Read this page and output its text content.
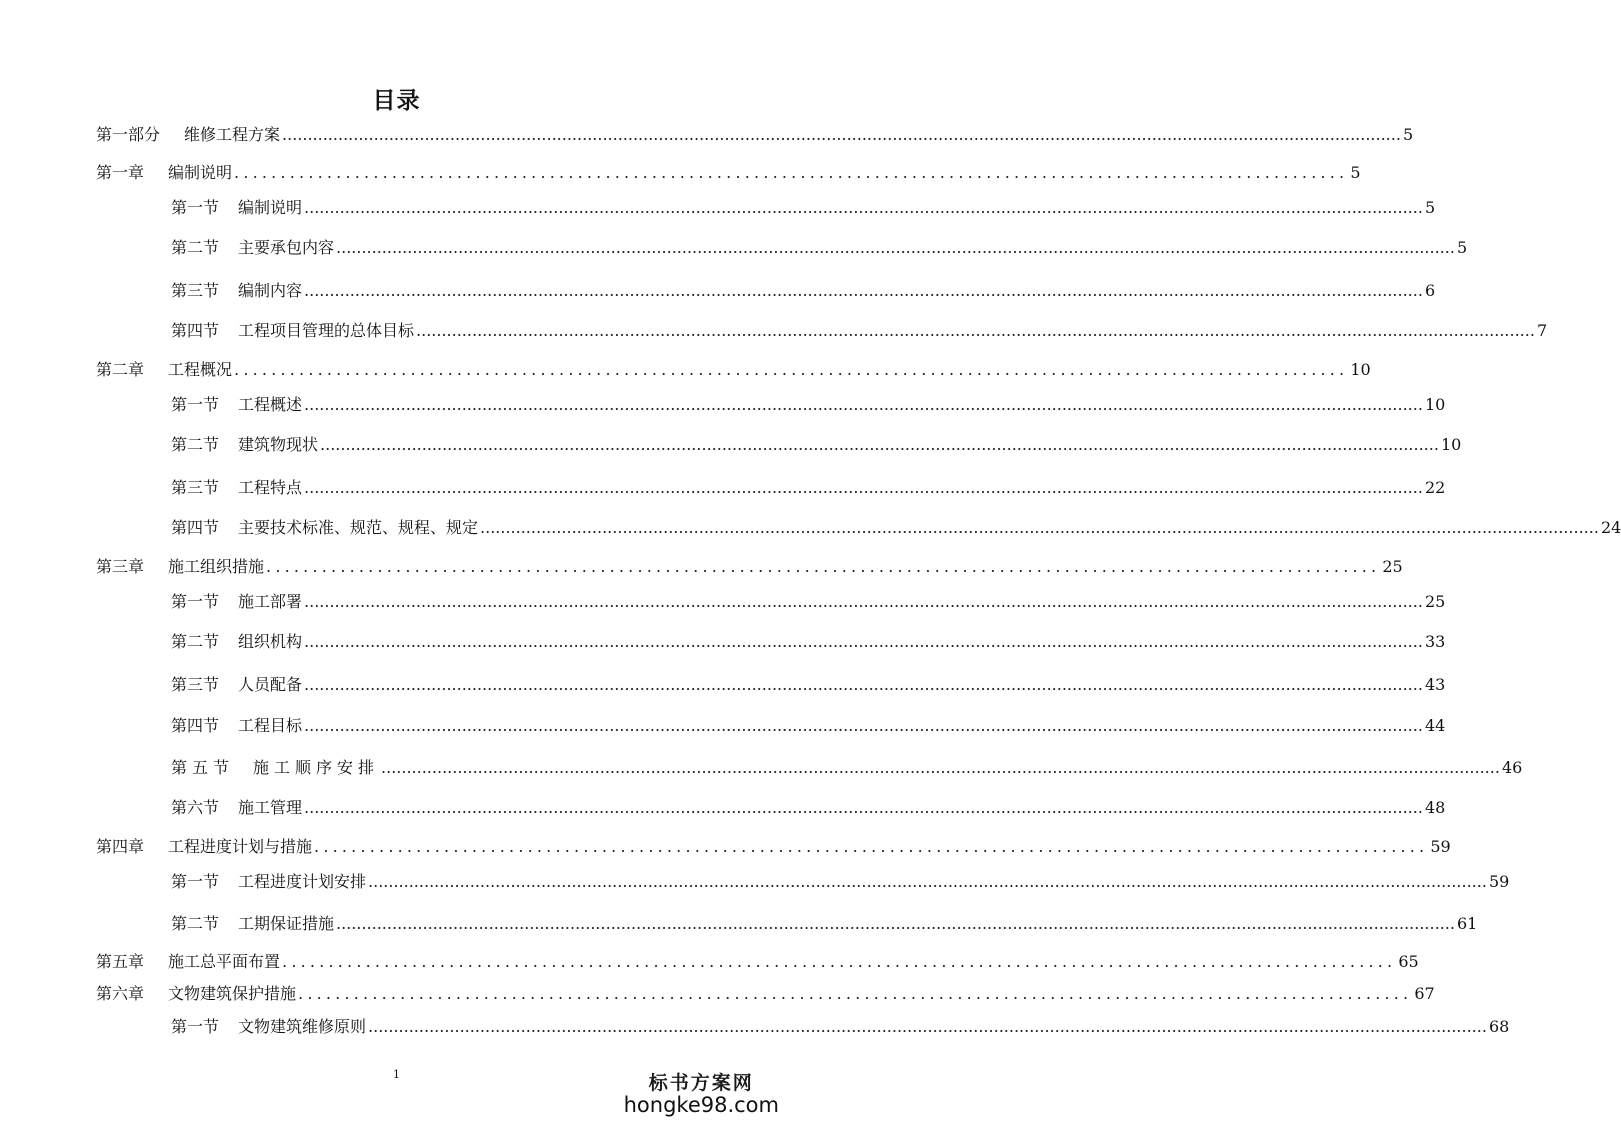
目录
第一部分 维修工程方案 ............................................................................................................................................................................................................................ 5
第一章 编制说明 ........................................................................................................................ 5
第一节 编制说明 ............................................................................................................................................................................................................................ 5
第二节 主要承包内容 ............................................................................................................................................................................................................................ 5
第三节 编制内容 ............................................................................................................................................................................................................................ 6
第四节 工程项目管理的总体目标 ............................................................................................................................................................................................................................ 7
第二章 工程概况 ........................................................................................................................ 10
第一节 工程概述 ............................................................................................................................................................................................................................ 10
第二节 建筑物现状 ............................................................................................................................................................................................................................ 10
第三节 工程特点 ............................................................................................................................................................................................................................ 22
第四节 主要技术标准、规范、规程、规定 ............................................................................................................................................................................................................................ 24
第三章 施工组织措施 ........................................................................................................................ 25
第一节 施工部署 ............................................................................................................................................................................................................................ 25
第二节 组织机构 ............................................................................................................................................................................................................................ 33
第三节 人员配备 ............................................................................................................................................................................................................................ 43
第四节 工程目标 ............................................................................................................................................................................................................................ 44
第五节 施工顺序安排 ............................................................................................................................................................................................................................ 46
第六节 施工管理 ............................................................................................................................................................................................................................ 48
第四章 工程进度计划与措施 ........................................................................................................................ 59
第一节 工程进度计划安排 ............................................................................................................................................................................................................................ 59
第二节 工期保证措施 ............................................................................................................................................................................................................................ 61
第五章 施工总平面布置 ........................................................................................................................ 65
第六章 文物建筑保护措施 ........................................................................................................................ 67
第一节 文物建筑维修原则 ............................................................................................................................................................................................................................ 68
1	标书方案网
hongke98.com
